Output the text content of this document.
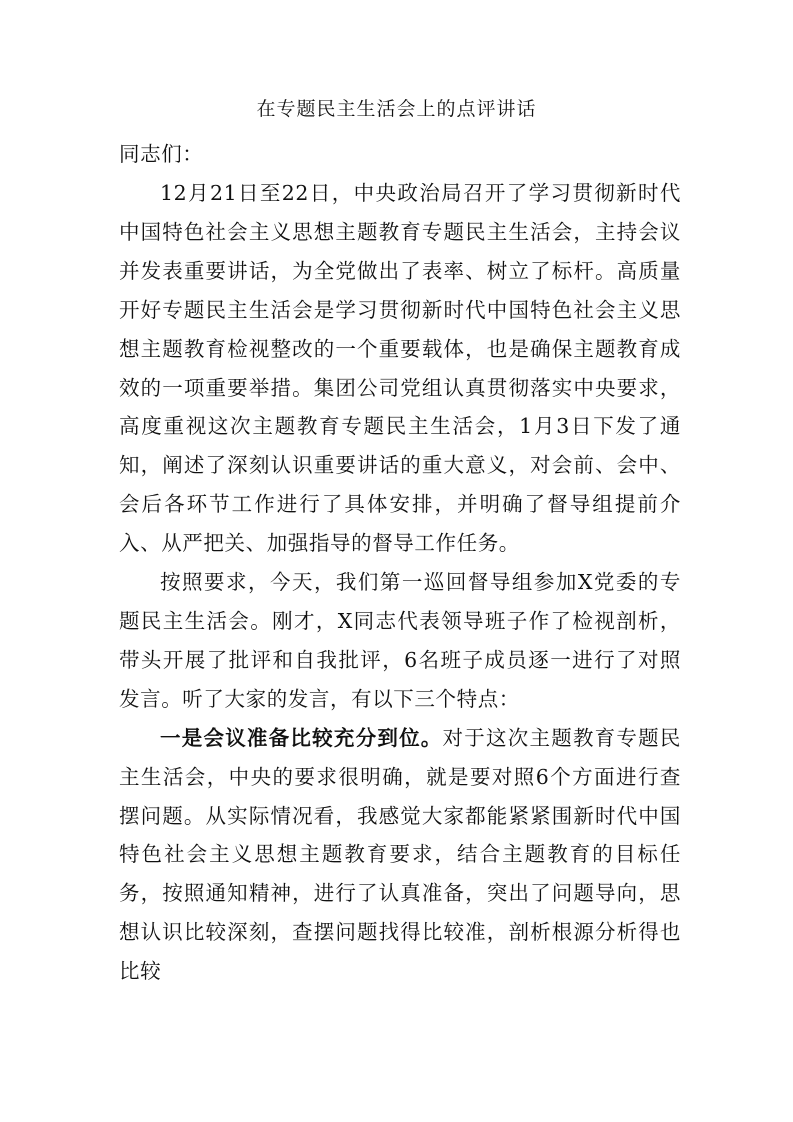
在专题民主生活会上的点评讲话
同志们：

12月21日至22日，中央政治局召开了学习贯彻新时代中国特色社会主义思想主题教育专题民主生活会，主持会议并发表重要讲话，为全党做出了表率、树立了标杆。高质量开好专题民主生活会是学习贯彻新时代中国特色社会主义思想主题教育检视整改的一个重要载体，也是确保主题教育成效的一项重要举措。集团公司党组认真贯彻落实中央要求，高度重视这次主题教育专题民主生活会，1月3日下发了通知，阐述了深刻认识重要讲话的重大意义，对会前、会中、会后各环节工作进行了具体安排，并明确了督导组提前介入、从严把关、加强指导的督导工作任务。

按照要求，今天，我们第一巡回督导组参加X党委的专题民主生活会。刚才，X同志代表领导班子作了检视剖析，带头开展了批评和自我批评，6名班子成员逐一进行了对照发言。听了大家的发言，有以下三个特点：

一是会议准备比较充分到位。对于这次主题教育专题民主生活会，中央的要求很明确，就是要对照6个方面进行查摆问题。从实际情况看，我感觉大家都能紧紧围新时代中国特色社会主义思想主题教育要求，结合主题教育的目标任务，按照通知精神，进行了认真准备，突出了问题导向，思想认识比较深刻，查摆问题找得比较准，剖析根源分析得也比较
